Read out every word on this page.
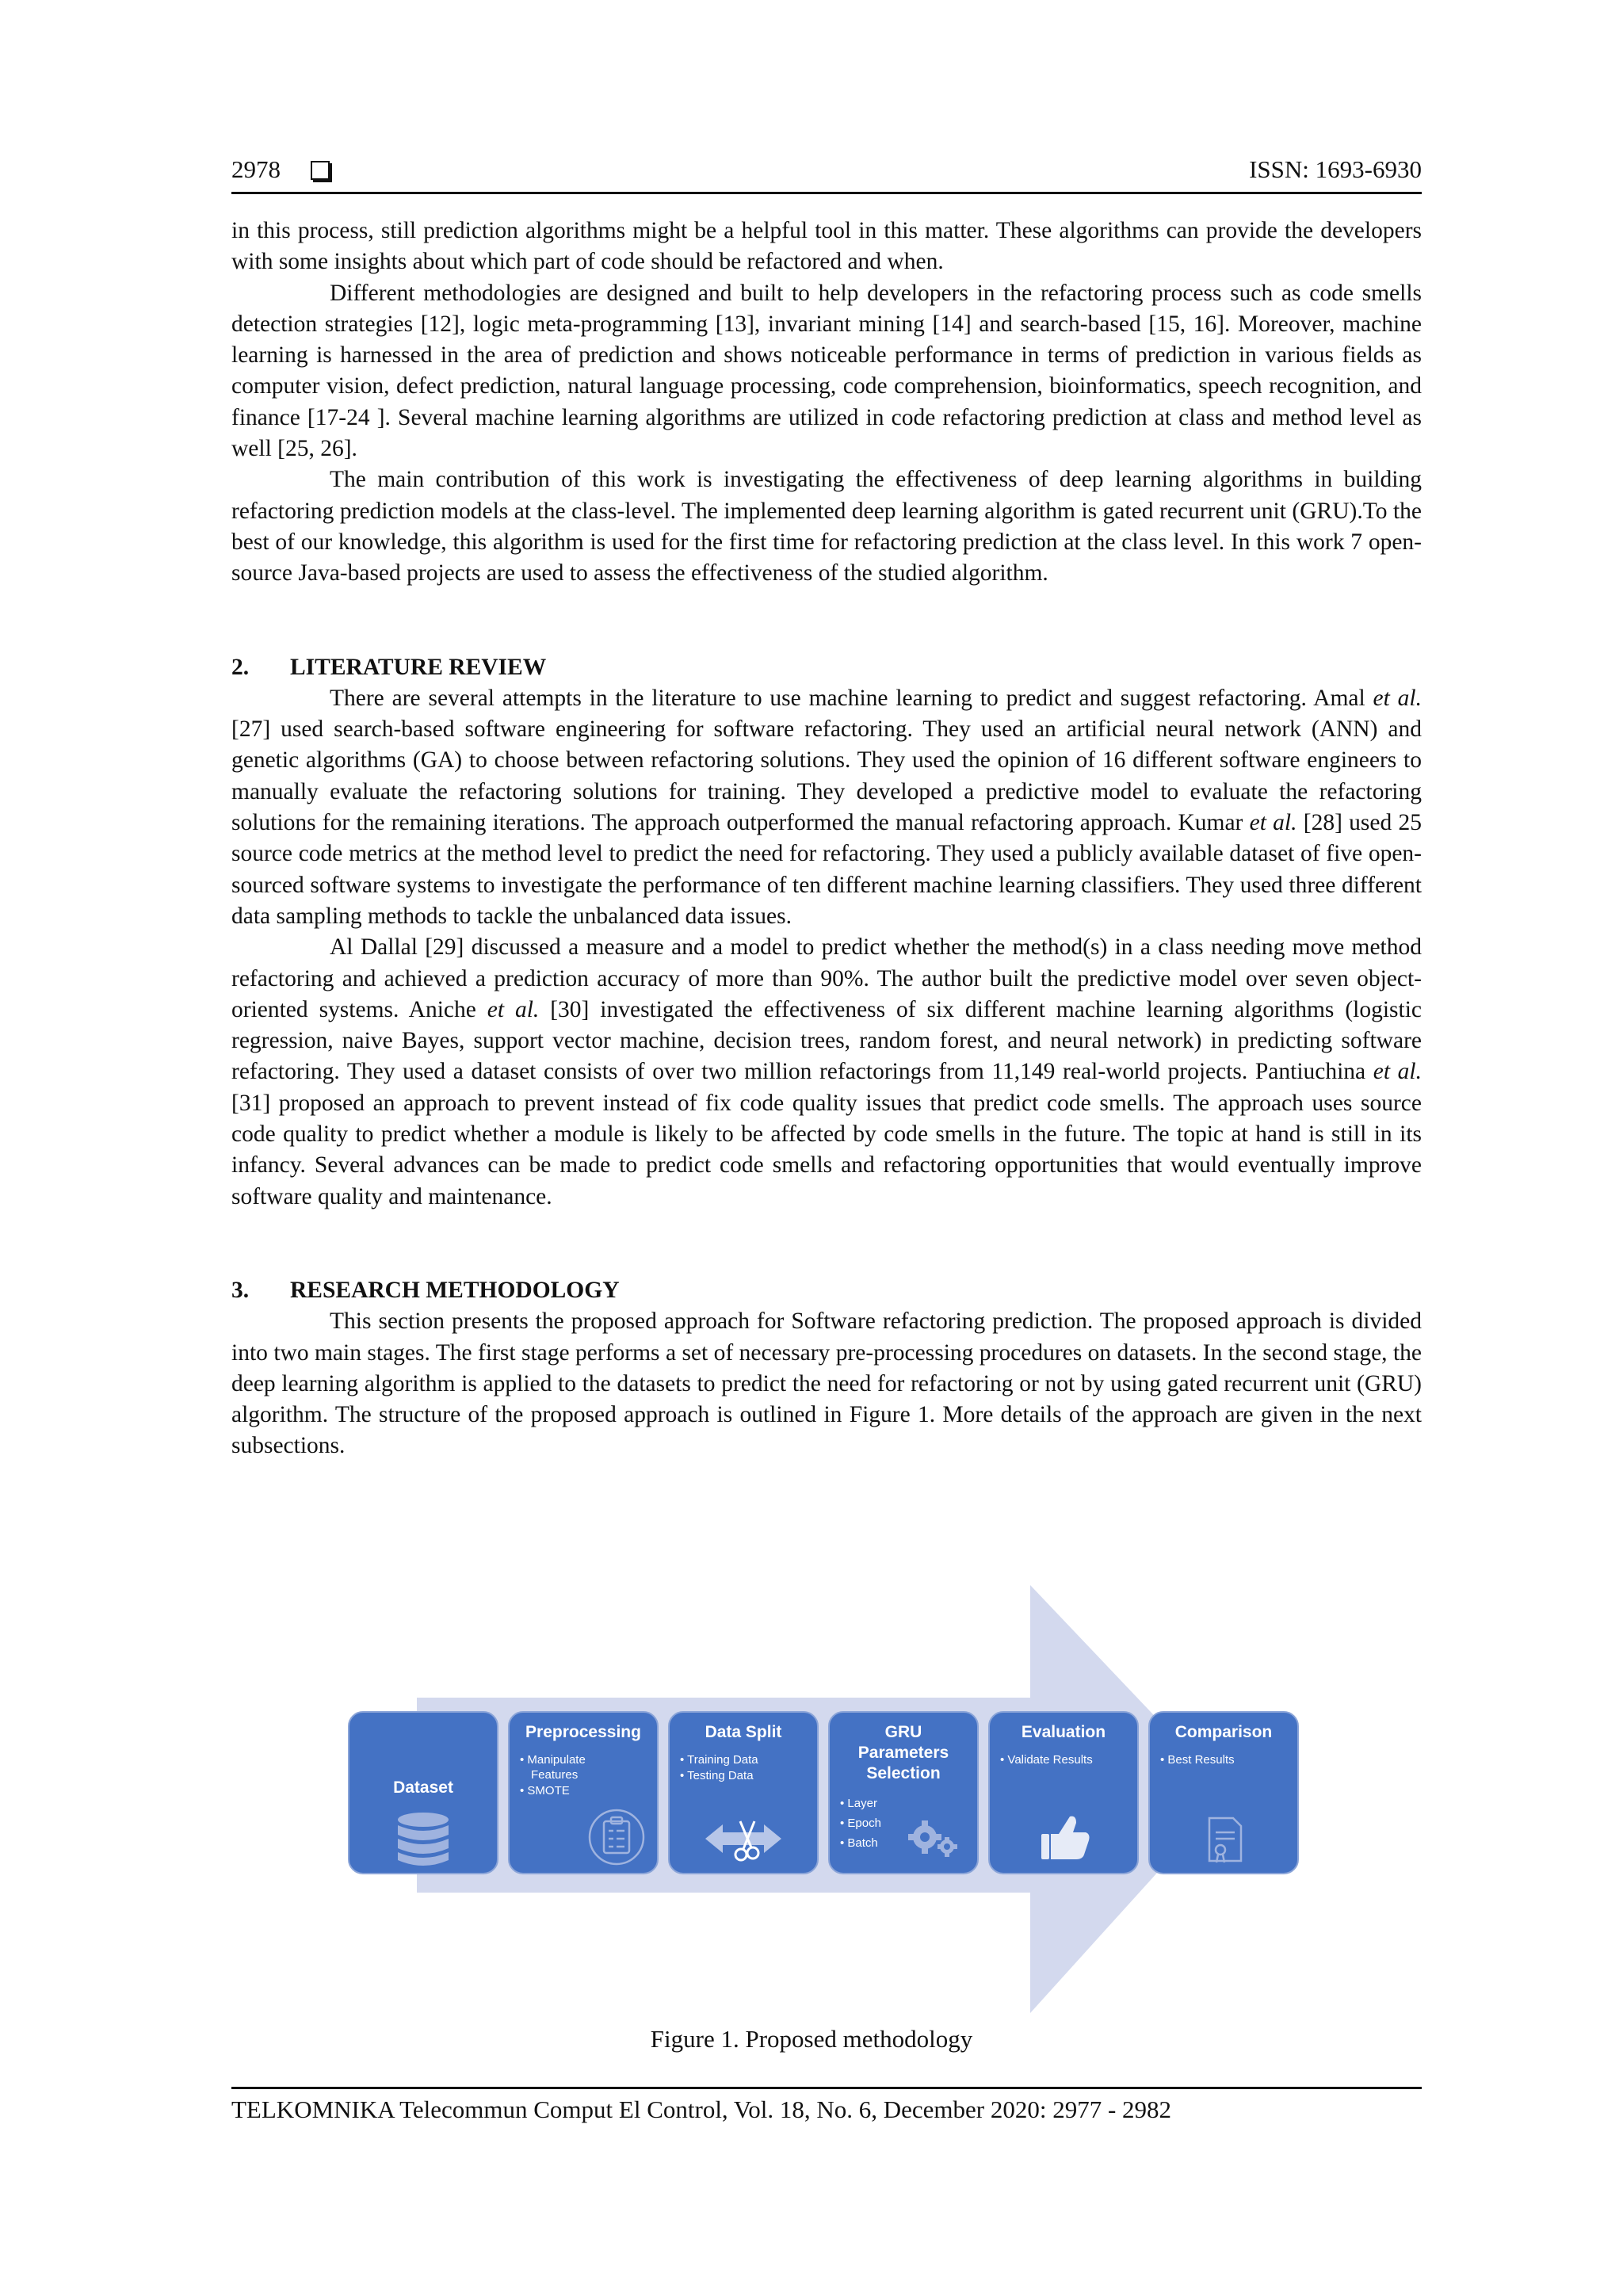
2978	ISSN: 1693-6930

in this process, still prediction algorithms might be a helpful tool in this matter. These algorithms can provide the developers with some insights about which part of code should be refactored and when.

Different methodologies are designed and built to help developers in the refactoring process such as code smells detection strategies [12], logic meta-programming [13], invariant mining [14] and search-based [15, 16]. Moreover, machine learning is harnessed in the area of prediction and shows noticeable performance in terms of prediction in various fields as computer vision, defect prediction, natural language processing, code comprehension, bioinformatics, speech recognition, and finance [17-24 ]. Several machine learning algorithms are utilized in code refactoring prediction at class and method level as well [25, 26].

The main contribution of this work is investigating the effectiveness of deep learning algorithms in building refactoring prediction models at the class-level. The implemented deep learning algorithm is gated recurrent unit (GRU).To the best of our knowledge, this algorithm is used for the first time for refactoring prediction at the class level. In this work 7 open-source Java-based projects are used to assess the effectiveness of the studied algorithm.

2.	LITERATURE REVIEW

There are several attempts in the literature to use machine learning to predict and suggest refactoring. Amal et al. [27] used search-based software engineering for software refactoring. They used an artificial neural network (ANN) and genetic algorithms (GA) to choose between refactoring solutions. They used the opinion of 16 different software engineers to manually evaluate the refactoring solutions for training. They developed a predictive model to evaluate the refactoring solutions for the remaining iterations. The approach outperformed the manual refactoring approach. Kumar et al. [28] used 25 source code metrics at the method level to predict the need for refactoring. They used a publicly available dataset of five open-sourced software systems to investigate the performance of ten different machine learning classifiers. They used three different data sampling methods to tackle the unbalanced data issues.

Al Dallal [29] discussed a measure and a model to predict whether the method(s) in a class needing move method refactoring and achieved a prediction accuracy of more than 90%. The author built the predictive model over seven object-oriented systems. Aniche et al. [30] investigated the effectiveness of six different machine learning algorithms (logistic regression, naive Bayes, support vector machine, decision trees, random forest, and neural network) in predicting software refactoring. They used a dataset consists of over two million refactorings from 11,149 real-world projects. Pantiuchina et al. [31] proposed an approach to prevent instead of fix code quality issues that predict code smells. The approach uses source code quality to predict whether a module is likely to be affected by code smells in the future. The topic at hand is still in its infancy. Several advances can be made to predict code smells and refactoring opportunities that would eventually improve software quality and maintenance.

3.	RESEARCH METHODOLOGY

This section presents the proposed approach for Software refactoring prediction. The proposed approach is divided into two main stages. The first stage performs a set of necessary pre-processing procedures on datasets. In the second stage, the deep learning algorithm is applied to the datasets to predict the need for refactoring or not by using gated recurrent unit (GRU) algorithm. The structure of the proposed approach is outlined in Figure 1. More details of the approach are given in the next subsections.

Dataset
Preprocessing
• Manipulate
Features
• SMOTE
Data Split
• Training Data
• Testing Data
GRU
Parameters
Selection
• Layer
• Epoch
• Batch
Evaluation
• Validate Results
Comparison
• Best Results
Figure 1. Proposed methodology
TELKOMNIKA Telecommun Comput El Control, Vol. 18, No. 6, December 2020: 2977 - 2982
